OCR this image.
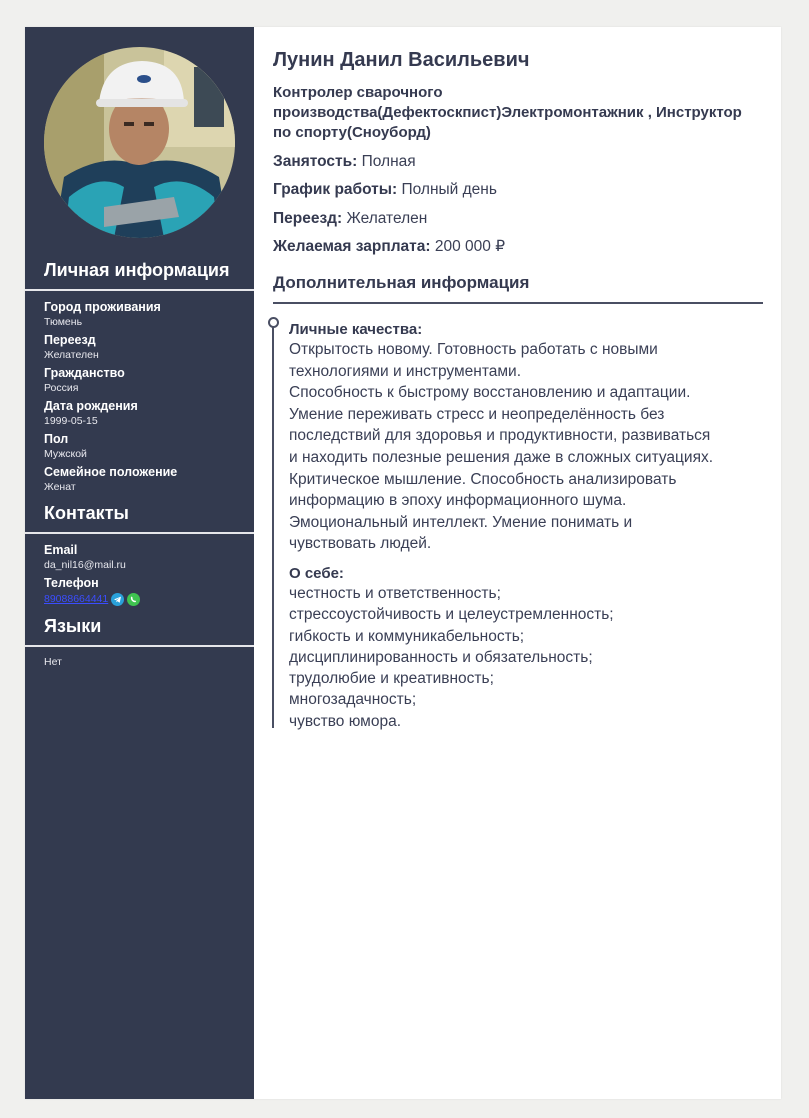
Личная информация
Город проживания
Тюмень
Переезд
Желателен
Гражданство
Россия
Дата рождения
1999-05-15
Пол
Мужской
Семейное положение
Женат
Контакты
Email
da_nil16@mail.ru
Телефон
89088664441
Языки
Нет
Лунин Данил Васильевич
Контролер сварочного производства(Дефектоскпист)Электромонтажник , Инструктор по спорту(Сноуборд)
Занятость: Полная
График работы: Полный день
Переезд: Желателен
Желаемая зарплата: 200 000 ₽
Дополнительная информация
Личные качества:
Открытость новому. Готовность работать с новыми
технологиями и инструментами.
Способность к быстрому восстановлению и адаптации.
Умение переживать стресс и неопределённость без
последствий для здоровья и продуктивности, развиваться
и находить полезные решения даже в сложных ситуациях.
Критическое мышление. Способность анализировать
информацию в эпоху информационного шума.
Эмоциональный интеллект. Умение понимать и
чувствовать людей.
О себе:
честность и ответственность;
стрессоустойчивость и целеустремленность;
гибкость и коммуникабельность;
дисциплинированность и обязательность;
трудолюбие и креативность;
многозадачность;
чувство юмора.
